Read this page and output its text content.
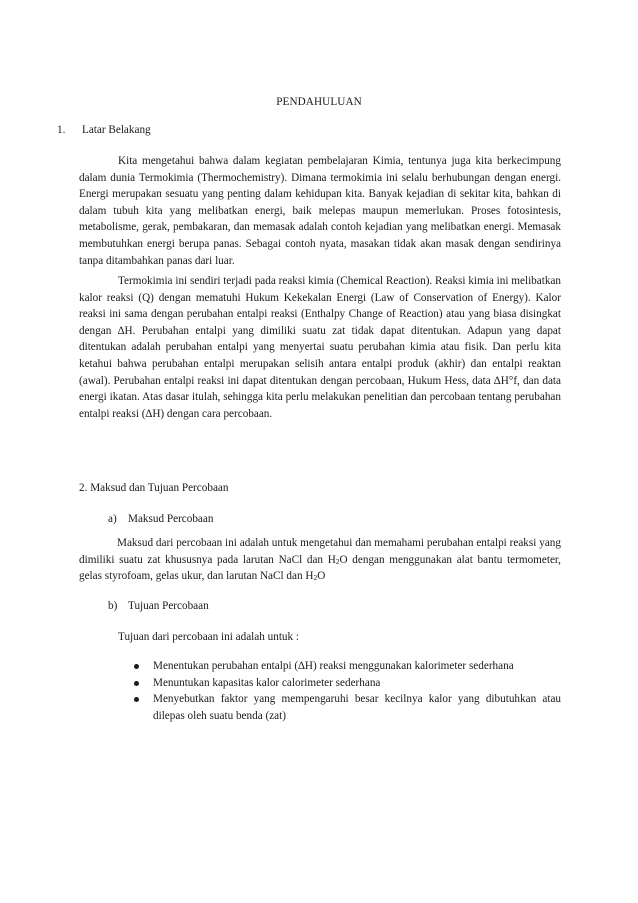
PENDAHULUAN
1. Latar Belakang
Kita mengetahui bahwa dalam kegiatan pembelajaran Kimia, tentunya juga kita berkecimpung dalam dunia Termokimia (Thermochemistry). Dimana termokimia ini selalu berhubungan dengan energi. Energi merupakan sesuatu yang penting dalam kehidupan kita. Banyak kejadian di sekitar kita, bahkan di dalam tubuh kita yang melibatkan energi, baik melepas maupun memerlukan. Proses fotosintesis, metabolisme, gerak, pembakaran, dan memasak adalah contoh kejadian yang melibatkan energi. Memasak membutuhkan energi berupa panas. Sebagai contoh nyata, masakan tidak akan masak dengan sendirinya tanpa ditambahkan panas dari luar.
Termokimia ini sendiri terjadi pada reaksi kimia (Chemical Reaction). Reaksi kimia ini melibatkan kalor reaksi (Q) dengan mematuhi Hukum Kekekalan Energi (Law of Conservation of Energy). Kalor reaksi ini sama dengan perubahan entalpi reaksi (Enthalpy Change of Reaction) atau yang biasa disingkat dengan ∆H. Perubahan entalpi yang dimiliki suatu zat tidak dapat ditentukan. Adapun yang dapat ditentukan adalah perubahan entalpi yang menyertai suatu perubahan kimia atau fisik. Dan perlu kita ketahui bahwa perubahan entalpi merupakan selisih antara entalpi produk (akhir) dan entalpi reaktan (awal). Perubahan entalpi reaksi ini dapat ditentukan dengan percobaan, Hukum Hess, data ∆H°f, dan data energi ikatan. Atas dasar itulah, sehingga kita perlu melakukan penelitian dan percobaan tentang perubahan entalpi reaksi (∆H) dengan cara percobaan.
2. Maksud dan Tujuan Percobaan
a) Maksud Percobaan
Maksud dari percobaan ini adalah untuk mengetahui dan memahami perubahan entalpi reaksi yang dimiliki suatu zat khususnya pada larutan NaCl dan $H_2O$ dengan menggunakan alat bantu termometer, gelas styrofoam, gelas ukur, dan larutan NaCl dan $H_2O$
b) Tujuan Percobaan
Tujuan dari percobaan ini adalah untuk :
Menentukan perubahan entalpi (∆H) reaksi menggunakan kalorimeter sederhana
Menuntukan kapasitas kalor calorimeter sederhana
Menyebutkan faktor yang mempengaruhi besar kecilnya kalor yang dibutuhkan atau dilepas oleh suatu benda (zat)
